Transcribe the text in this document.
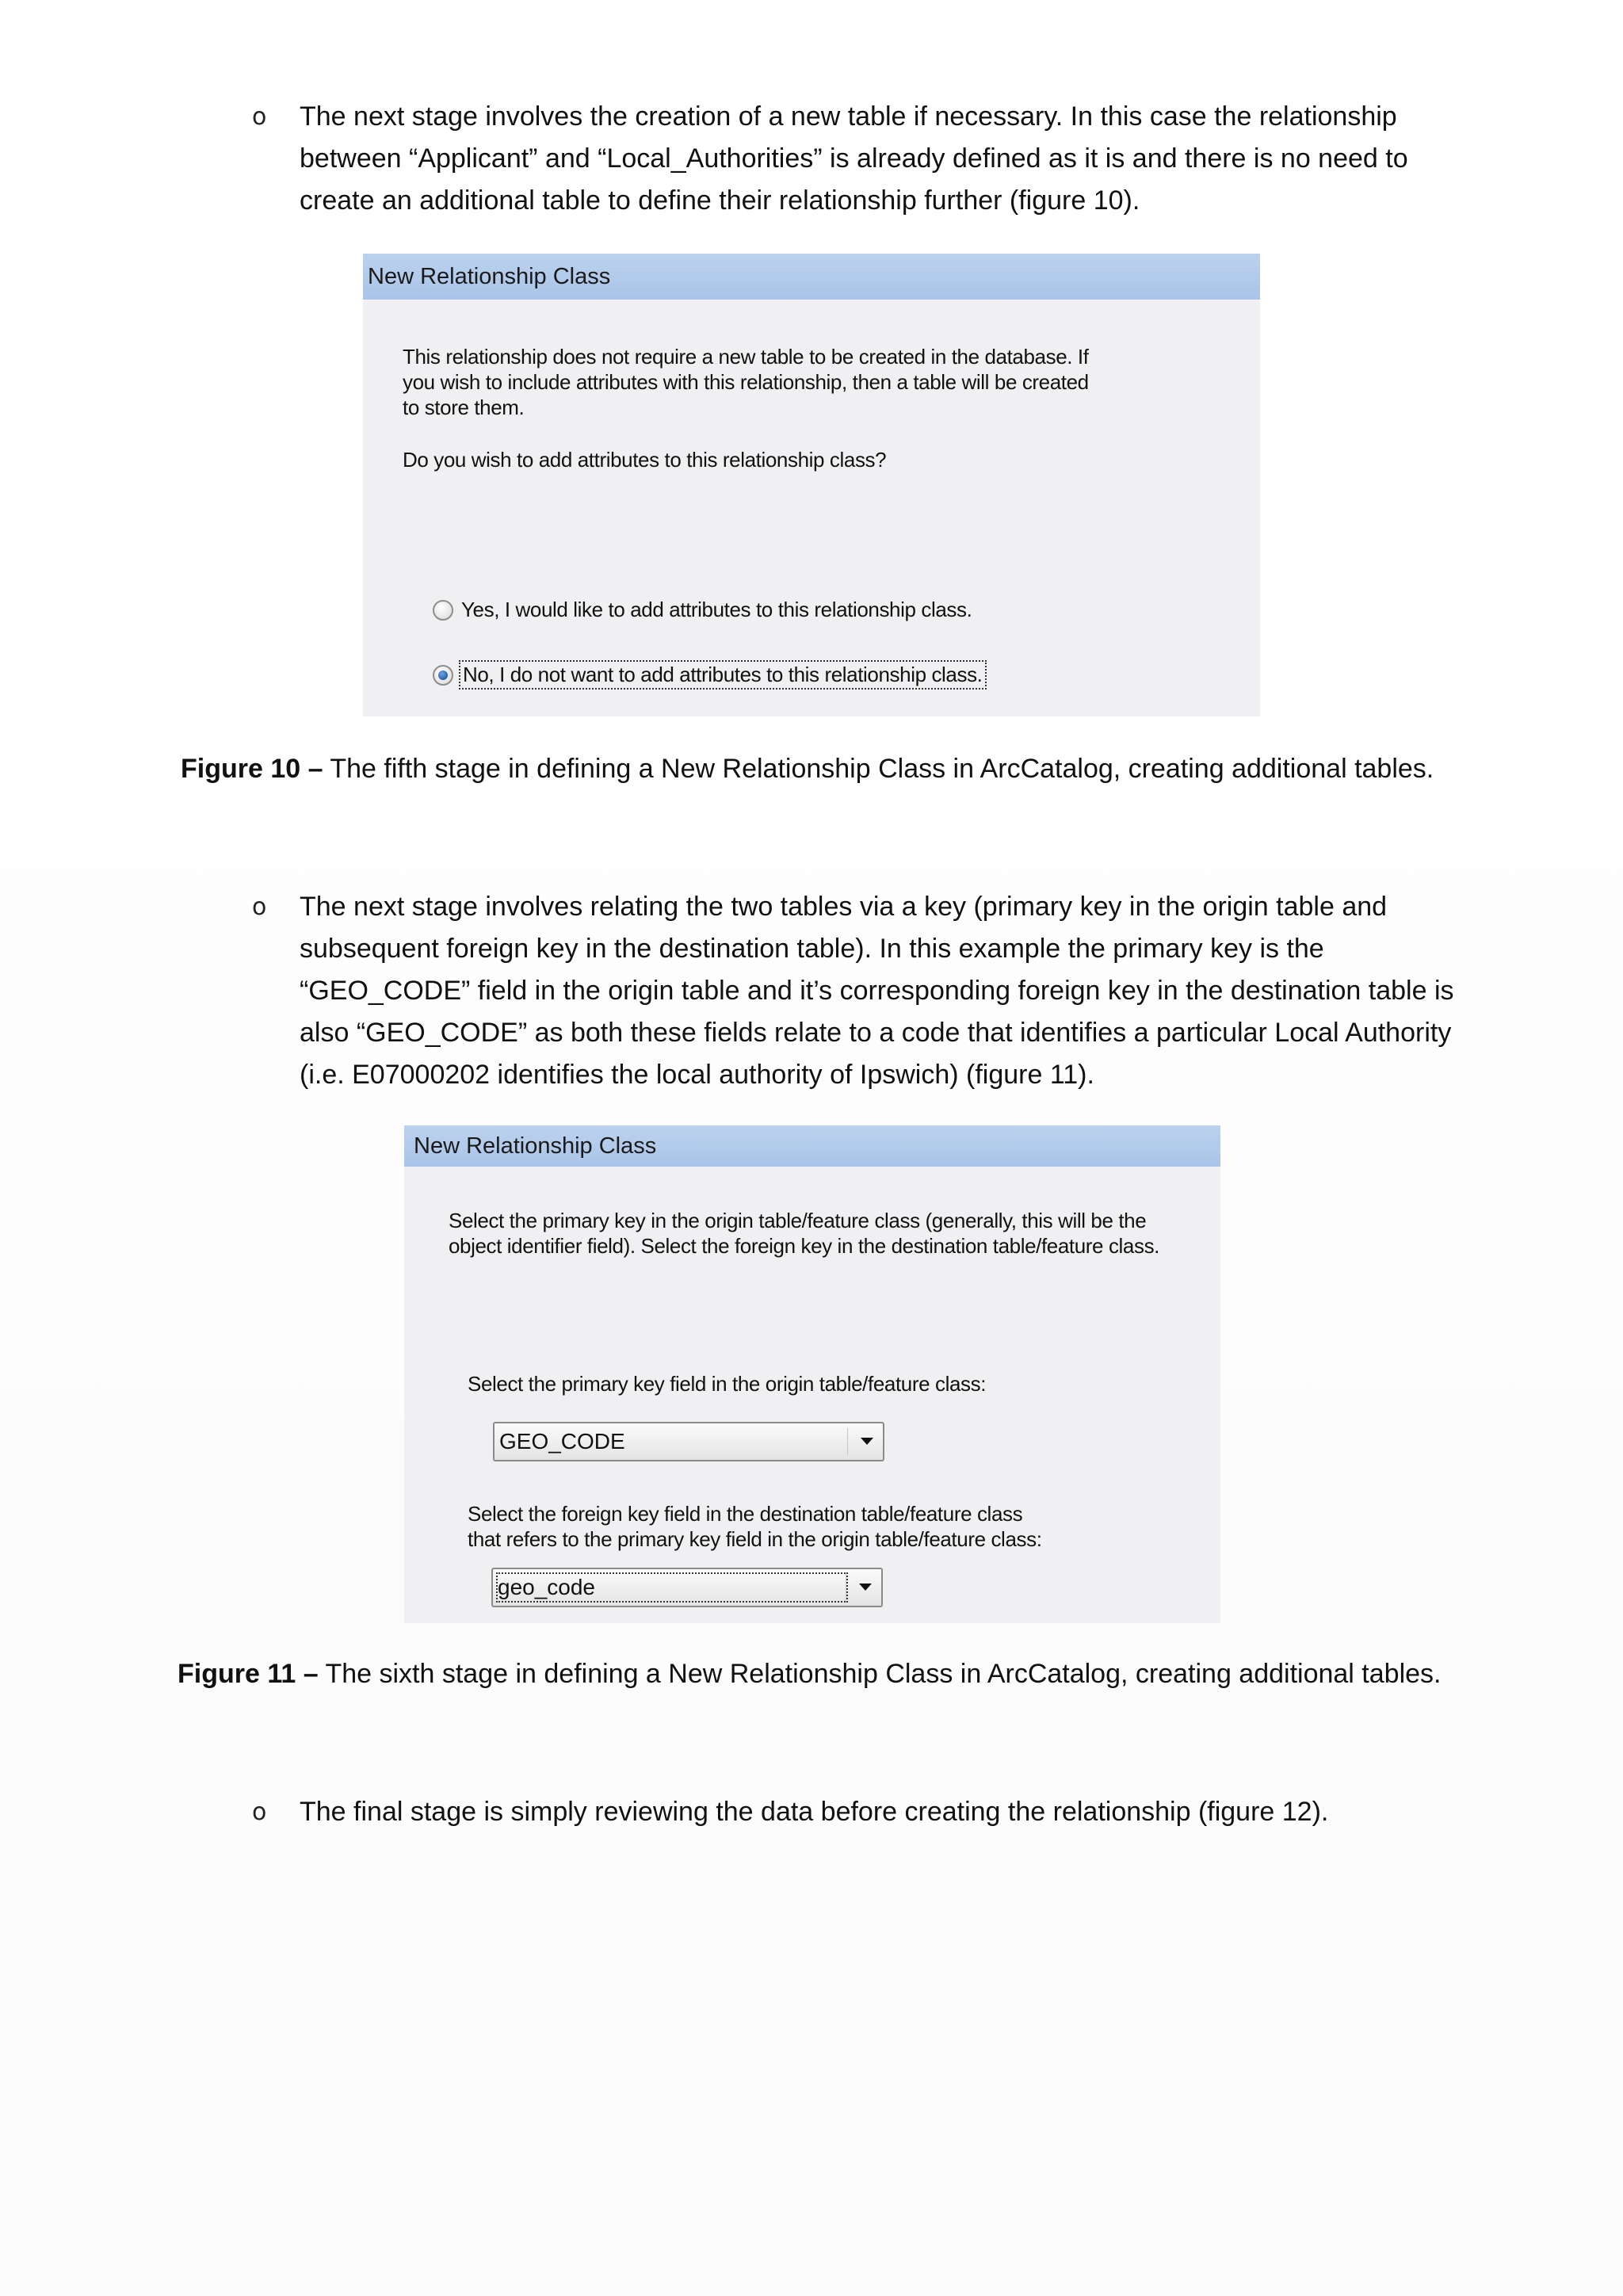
o The next stage involves the creation of a new table if necessary. In this case the relationship
between “Applicant” and “Local_Authorities” is already defined as it is and there is no need to
create an additional table to define their relationship further (figure 10).
New Relationship Class
This relationship does not require a new table to be created in the database. If
you wish to include attributes with this relationship, then a table will be created
to store them.
Do you wish to add attributes to this relationship class?
Yes, I would like to add attributes to this relationship class.
No, I do not want to add attributes to this relationship class.
Figure 10 – The fifth stage in defining a New Relationship Class in ArcCatalog, creating additional tables.
o The next stage involves relating the two tables via a key (primary key in the origin table and
subsequent foreign key in the destination table). In this example the primary key is the
“GEO_CODE” field in the origin table and it’s corresponding foreign key in the destination table is
also “GEO_CODE” as both these fields relate to a code that identifies a particular Local Authority
(i.e. E07000202 identifies the local authority of Ipswich) (figure 11).
New Relationship Class
Select the primary key in the origin table/feature class (generally, this will be the
object identifier field). Select the foreign key in the destination table/feature class.
Select the primary key field in the origin table/feature class:
GEO_CODE
Select the foreign key field in the destination table/feature class
that refers to the primary key field in the origin table/feature class:
geo_code
Figure 11 – The sixth stage in defining a New Relationship Class in ArcCatalog, creating additional tables.
o The final stage is simply reviewing the data before creating the relationship (figure 12).
